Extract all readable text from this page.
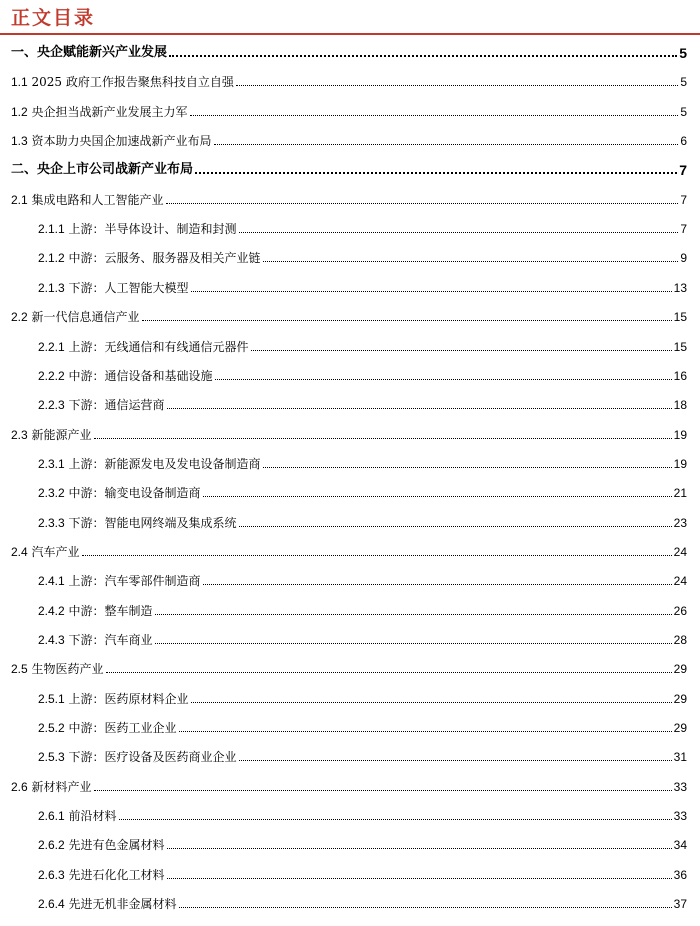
正文目录
一、央企赋能新兴产业发展	5
1.1 2025 政府工作报告聚焦科技自立自强	5
1.2 央企担当战新产业发展主力军	5
1.3 资本助力央国企加速战新产业布局	6
二、央企上市公司战新产业布局	7
2.1 集成电路和人工智能产业	7
2.1.1 上游：半导体设计、制造和封测	7
2.1.2 中游：云服务、服务器及相关产业链	9
2.1.3 下游：人工智能大模型	13
2.2 新一代信息通信产业	15
2.2.1 上游：无线通信和有线通信元器件	15
2.2.2 中游：通信设备和基础设施	16
2.2.3 下游：通信运营商	18
2.3 新能源产业	19
2.3.1 上游：新能源发电及发电设备制造商	19
2.3.2 中游：输变电设备制造商	21
2.3.3 下游：智能电网终端及集成系统	23
2.4 汽车产业	24
2.4.1 上游：汽车零部件制造商	24
2.4.2 中游：整车制造	26
2.4.3 下游：汽车商业	28
2.5 生物医药产业	29
2.5.1 上游：医药原材料企业	29
2.5.2 中游：医药工业企业	29
2.5.3 下游：医疗设备及医药商业企业	31
2.6 新材料产业	33
2.6.1 前沿材料	33
2.6.2 先进有色金属材料	34
2.6.3 先进石化化工材料	36
2.6.4 先进无机非金属材料	37
